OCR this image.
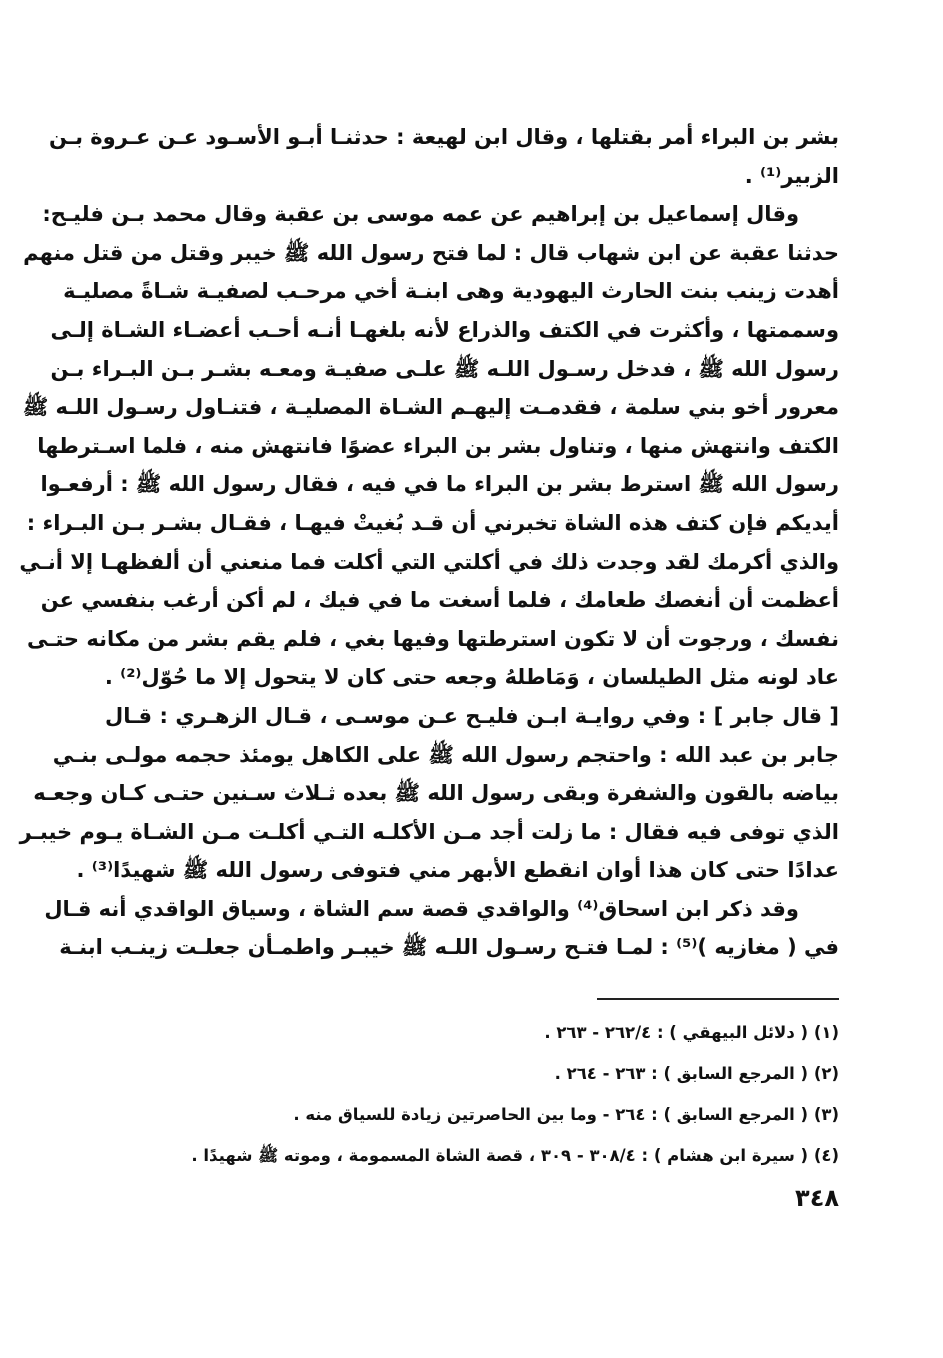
بشر بن البراء أمر بقتلها ، وقال ابن لهيعة : حدثنـا أبـو الأسـود عـن عـروة بـن
الزبير⁽¹⁾ .
وقال إسماعيل بن إبراهيم عن عمه موسى بن عقبة وقال محمد بـن فليـح:
حدثنا عقبة عن ابن شهاب قال : لما فتح رسول الله ﷺ خيبر وقتل من قتل منهم
أهدت زينب بنت الحارث اليهودية وهى ابنـة أخي مرحـب لصفيـة شـاةً مصليـة
وسممتها ، وأكثرت في الكتف والذراع لأنه بلغهـا أنـه أحـب أعضـاء الشـاة إلـى
رسول الله ﷺ ، فدخل رسـول اللـه ﷺ علـى صفيـة ومعـه بشـر بـن البـراء بـن
معرور أخو بني سلمة ، فقدمـت إليهـم الشـاة المصليـة ، فتنـاول رسـول اللـه ﷺ
الكتف وانتهش منها ، وتناول بشر بن البراء عضوًا فانتهش منه ، فلما اسـترطها
رسول الله ﷺ استرط بشر بن البراء ما في فيه ، فقال رسول الله ﷺ : أرفعـوا
أيديكم فإن كتف هذه الشاة تخبرني أن قـد بُغيتْ فيهـا ، فقـال بشـر بـن البـراء :
والذي أكرمك لقد وجدت ذلك في أكلتي التي أكلت فما منعني أن ألفظهـا إلا أنـي
أعظمت أن أنغصك طعامك ، فلما أسغت ما في فيك ، لم أكن أرغب بنفسي عن
نفسك ، ورجوت أن لا تكون استرطتها وفيها بغي ، فلم يقم بشر من مكانه حتـى
عاد لونه مثل الطيلسان ، وَمَاطلهُ وجعه حتى كان لا يتحول إلا ما حُوّل⁽²⁾ .
[ قال جابر ] : وفي روايـة ابـن فليـح عـن موسـى ، قـال الزهـري : قـال
جابر بن عبد الله : واحتجم رسول الله ﷺ على الكاهل يومئذ حجمه مولـى بنـي
بياضه بالقون والشفرة وبقى رسول الله ﷺ بعده ثـلاث سـنين حتـى كـان وجعـه
الذي توفى فيه فقال : ما زلت أجد مـن الأكلـه التـي أكلـت مـن الشـاة يـوم خيبـر
عدادًا حتى كان هذا أوان انقطع الأبهر مني فتوفى رسول الله ﷺ شهيدًا⁽³⁾ .
وقد ذكر ابن اسحاق⁽⁴⁾ والواقدي قصة سم الشاة ، وسياق الواقدي أنه قـال
في ( مغازيه )⁽⁵⁾ : لمـا فتـح رسـول اللـه ﷺ خيبـر واطمـأن جعلـت زينـب ابنـة
(١) ( دلائل البيهقي ) : ٢٦٢/٤ - ٢٦٣ .
(٢) ( المرجع السابق ) : ٢٦٣ - ٢٦٤ .
(٣) ( المرجع السابق ) : ٢٦٤ - وما بين الحاصرتين زيادة للسياق منه .
(٤) ( سيرة ابن هشام ) : ٣٠٨/٤ - ٣٠٩ ، قصة الشاة المسمومة ، وموته ﷺ شهيدًا .
٣٤٨
